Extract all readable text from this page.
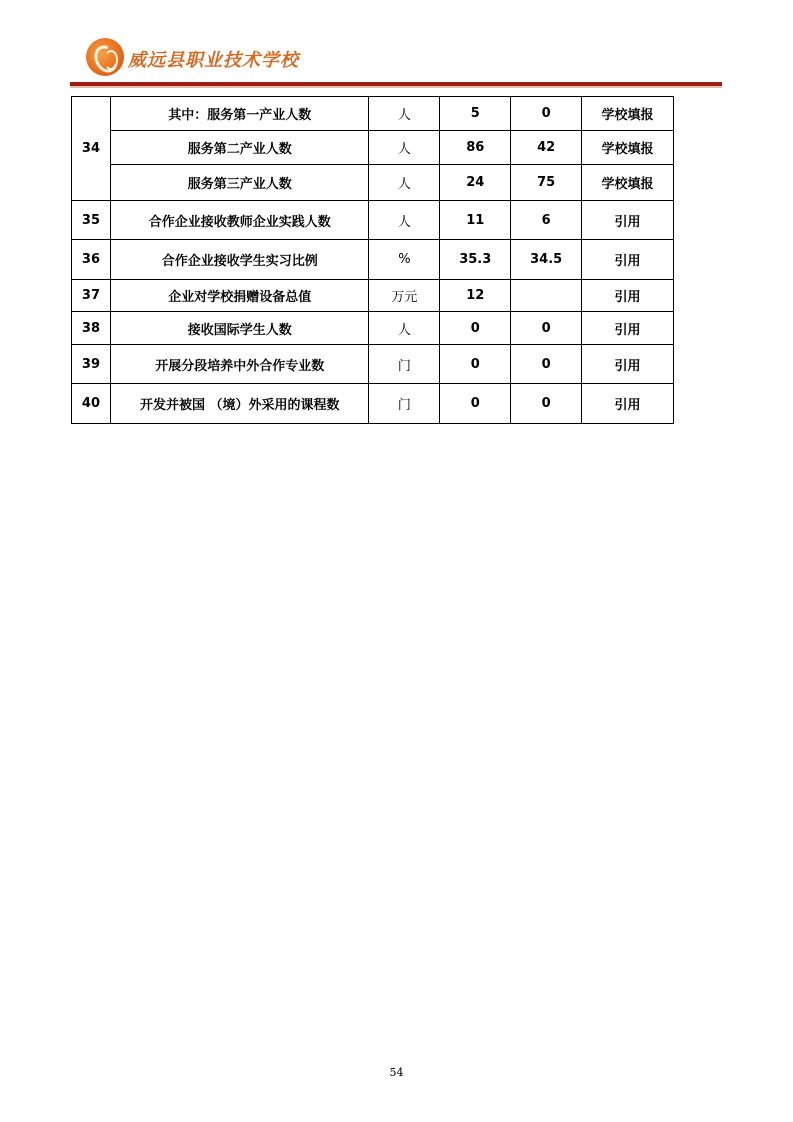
威远县职业技术学校
34	其中：服务第一产业人数	人	5	0	学校填报
	服务第二产业人数	人	86	42	学校填报
	服务第三产业人数	人	24	75	学校填报
35	合作企业接收教师企业实践人数	人	11	6	引用
36	合作企业接收学生实习比例	%	35.3	34.5	引用
37	企业对学校捐赠设备总值	万元	12		引用
38	接收国际学生人数	人	0	0	引用
39	开展分段培养中外合作专业数	门	0	0	引用
40	开发并被国 （境）外采用的课程数	门	0	0	引用
54
